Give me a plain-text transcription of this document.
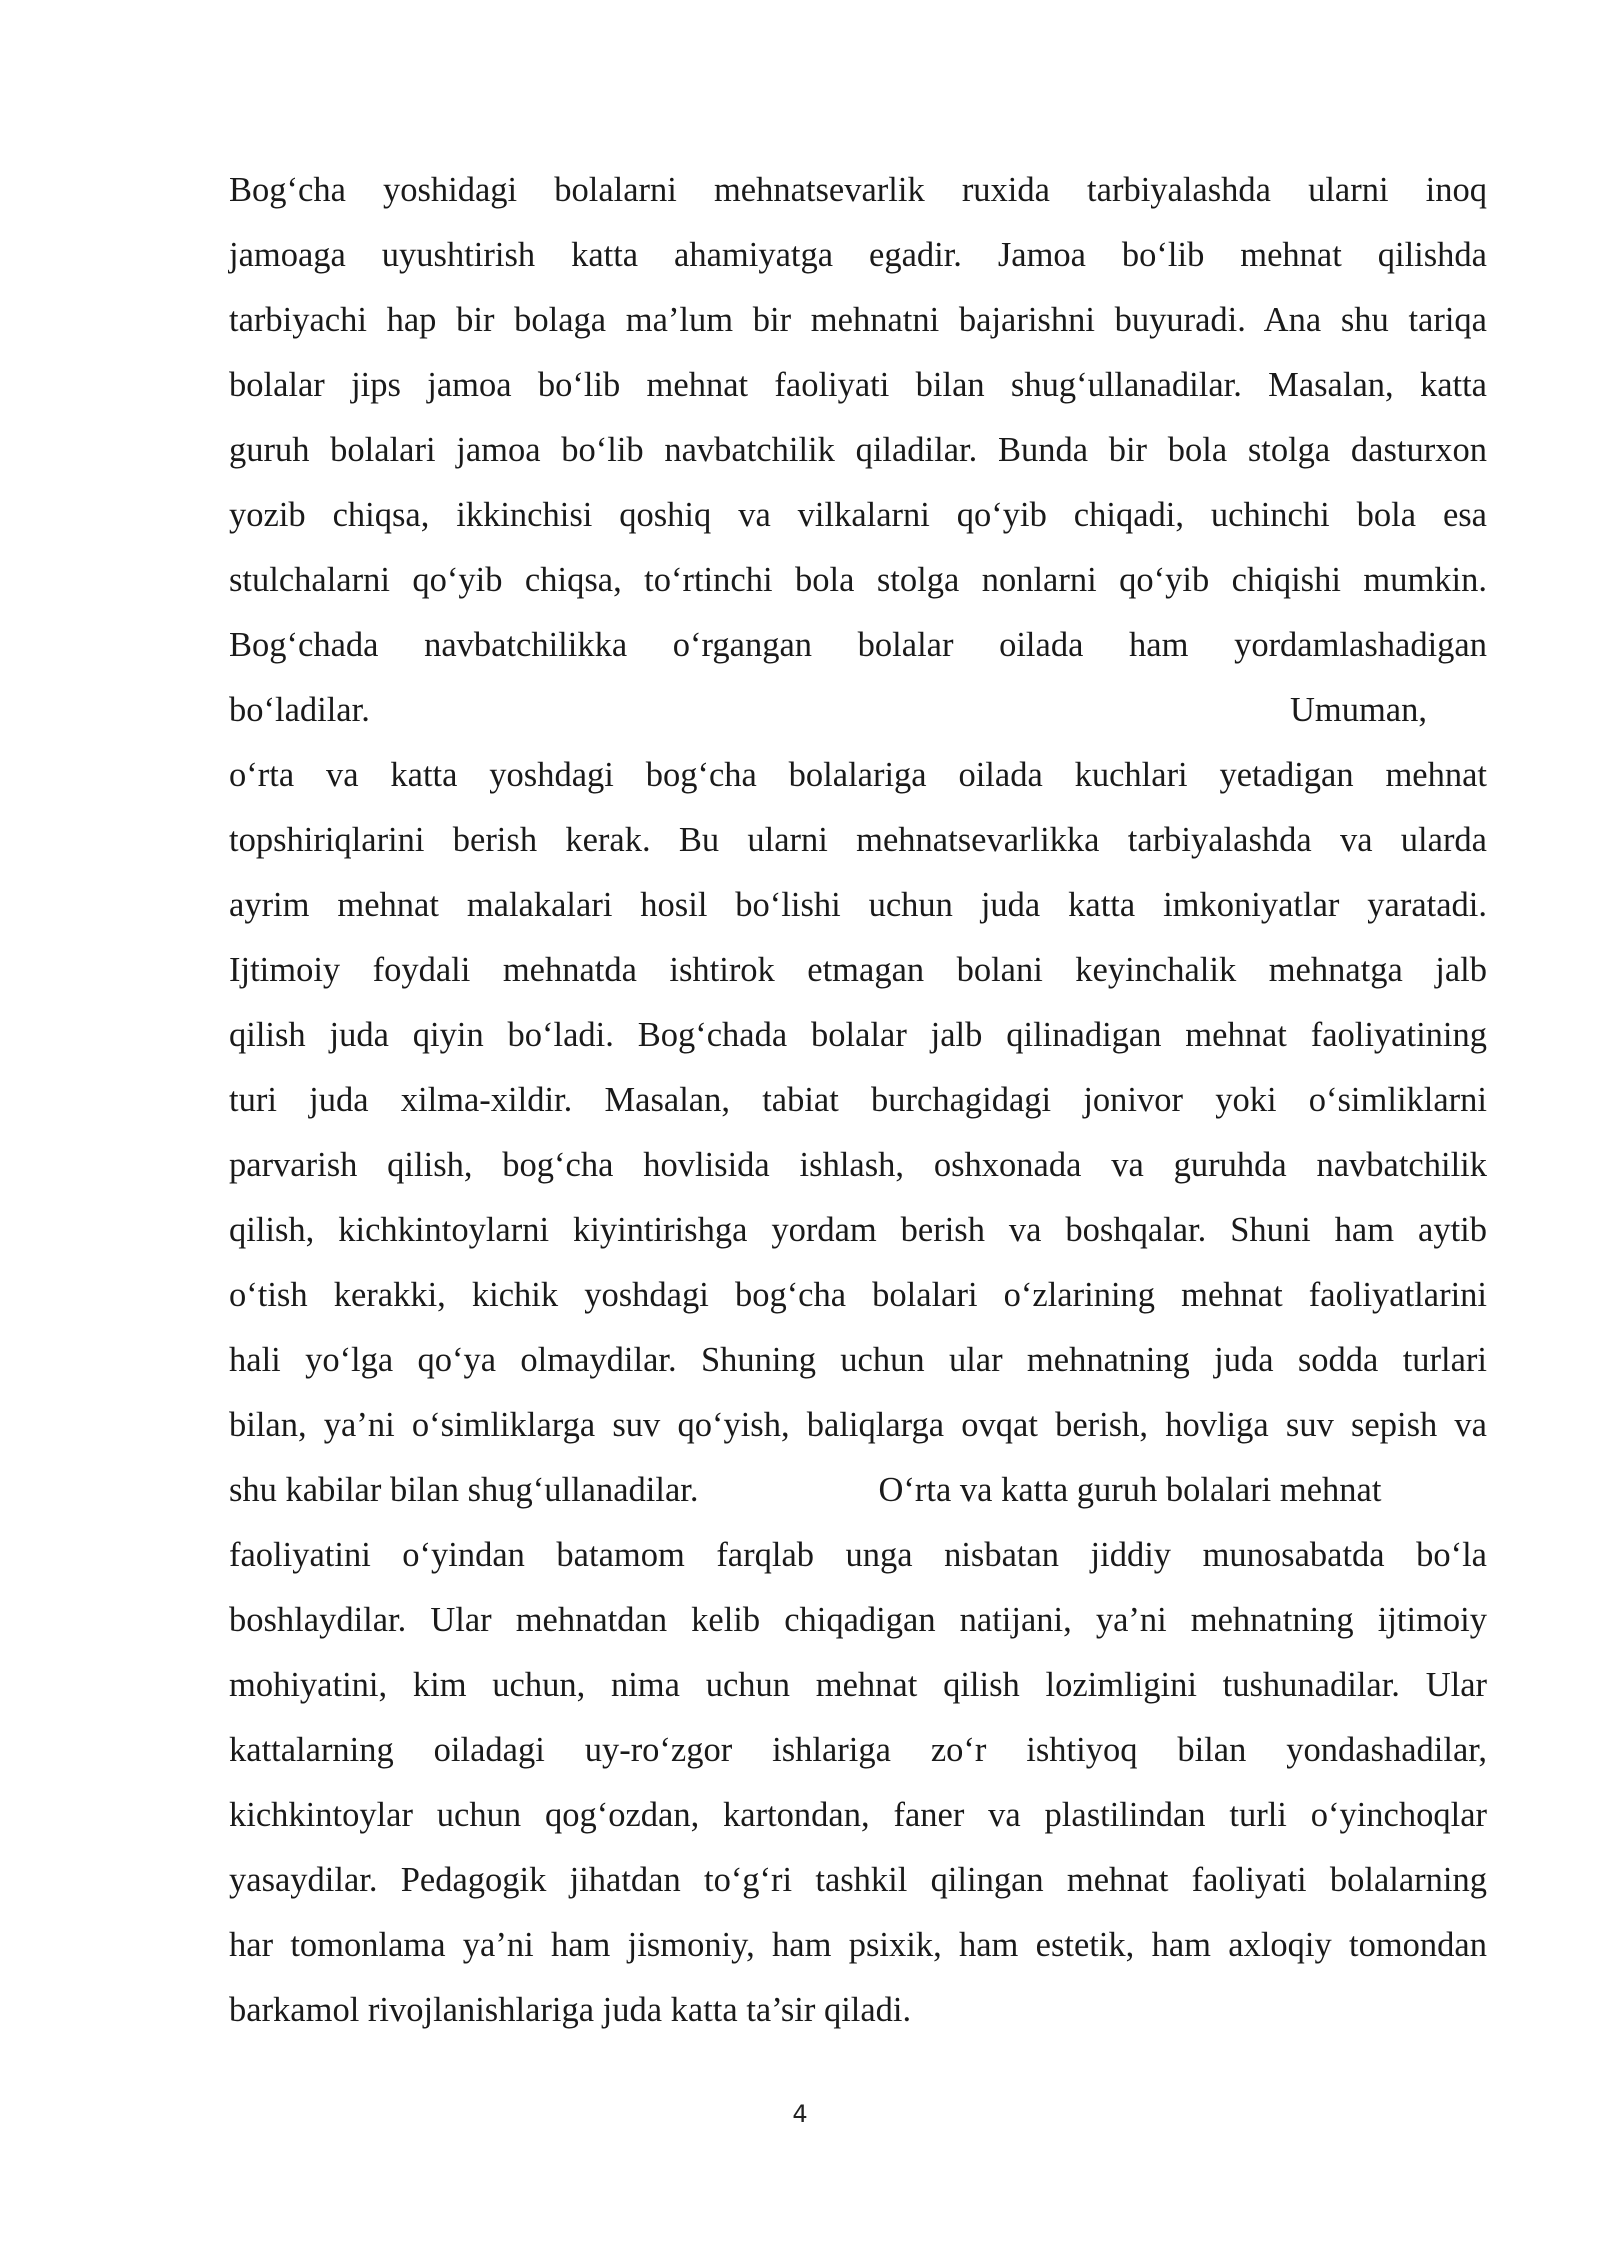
Bog‘cha yoshidagi bolalarni mehnatsevarlik ruxida tarbiyalashda ularni inoq
jamoaga uyushtirish katta ahamiyatga egadir. Jamoa bo‘lib mehnat qilishda
tarbiyachi hap bir bolaga ma’lum bir mehnatni bajarishni buyuradi. Ana shu tariqa
bolalar jips jamoa bo‘lib mehnat faoliyati bilan shug‘ullanadilar. Masalan, katta
guruh bolalari jamoa bo‘lib navbatchilik qiladilar. Bunda bir bola stolga dasturxon
yozib chiqsa, ikkinchisi qoshiq va vilkalarni qo‘yib chiqadi, uchinchi bola esa
stulchalarni qo‘yib chiqsa, to‘rtinchi bola stolga nonlarni qo‘yib chiqishi mumkin.
Bog‘chada navbatchilikka o‘rgangan bolalar oilada ham yordamlashadigan
bo‘ladilar.	Umuman,
o‘rta va katta yoshdagi bog‘cha bolalariga oilada kuchlari yetadigan mehnat
topshiriqlarini berish kerak. Bu ularni mehnatsevarlikka tarbiyalashda va ularda
ayrim mehnat malakalari hosil bo‘lishi uchun juda katta imkoniyatlar yaratadi.
Ijtimoiy foydali mehnatda ishtirok etmagan bolani keyinchalik mehnatga jalb
qilish juda qiyin bo‘ladi. Bog‘chada bolalar jalb qilinadigan mehnat faoliyatining
turi juda xilma-xildir. Masalan, tabiat burchagidagi jonivor yoki o‘simliklarni
parvarish qilish, bog‘cha hovlisida ishlash, oshxonada va guruhda navbatchilik
qilish, kichkintoylarni kiyintirishga yordam berish va boshqalar. Shuni ham aytib
o‘tish kerakki, kichik yoshdagi bog‘cha bolalari o‘zlarining mehnat faoliyatlarini
hali yo‘lga qo‘ya olmaydilar. Shuning uchun ular mehnatning juda sodda turlari
bilan, ya’ni o‘simliklarga suv qo‘yish, baliqlarga ovqat berish, hovliga suv sepish va
shu kabilar bilan shug‘ullanadilar.	O‘rta va katta guruh bolalari mehnat
faoliyatini o‘yindan batamom farqlab unga nisbatan jiddiy munosabatda bo‘la
boshlaydilar. Ular mehnatdan kelib chiqadigan natijani, ya’ni mehnatning ijtimoiy
mohiyatini, kim uchun, nima uchun mehnat qilish lozimligini tushunadilar. Ular
kattalarning oiladagi uy-ro‘zgor ishlariga zo‘r ishtiyoq bilan yondashadilar,
kichkintoylar uchun qog‘ozdan, kartondan, faner va plastilindan turli o‘yinchoqlar
yasaydilar. Pedagogik jihatdan to‘g‘ri tashkil qilingan mehnat faoliyati bolalarning
har tomonlama ya’ni ham jismoniy, ham psixik, ham estetik, ham axloqiy tomondan
barkamol rivojlanishlariga juda katta ta’sir qiladi.
4
